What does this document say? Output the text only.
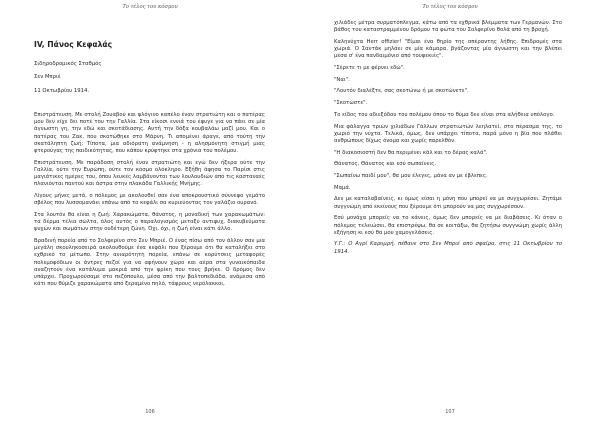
Το τέλος του κόσμου
IV, Πάνος Κεφαλάς

Σιδηροδρομικός Σταθμός

Σεν Μπριέ

11 Οκτωβρίου 1914.

Επιστράτευση. Με στολή Ζουαβού και φλόγινο καπέλο έναν στρατιώτη και ο πατέρας μου δεν είχε δει ποτέ του την Γαλλία. Στα είκοσι εννιά του έφυγε για να πάει σε μία άγνωστη γη, την εδώ και σκοτάδιασης. Αυτή την δόξα κουβαλάω μαζί μου. Και ο πατέρας του Ζακ, που σκοτώθηκε στο Μάρνη. Τι απομένει άραγε, από τούτη την σκατάληπτη ζωή; Τίποτα, μια αδιόρατη ανάμνηση - η αλησμόνητη στιγμή μιας φτερούγας της παιδικότητας, που κάπου κρύφτηκε στα χρόνια του πολέμου.

Επιστράτευση. Με παράδοση στολή έναν στρατιώτη και εγώ δεν ήξερα ούτε την Γαλλία, ούτε την Ευρώπη, ούτε τον κόσμο ολόκληρο. Εξήθη άφησα το Παρίσι στις μαγιάτικες ημέρες του, όπου λευκές λαμβάνονται των λουλουδιών από τις κασταναές πλανιόνται παντού και άστρα στην πλακάδα Γαλλικής Μνήμης.

Λίγους μήνες μετά, ο πόλεμος με ακολουθεί σαν ένα αποκρουστικό σύννεφο γεμάτο σβέλος που λυσσομανάει επάνω από το κεφάλι σα κυριεύοντας τον γαλάζιο ουρανό.

Στα λουτόν θα είναι η ζωή: Χαρακώματα, θάνατος, η μοναδική των χαρακωμάτων: τα δέρμα τέλια σώλτα, όλος αυτός ο παραλογισμός μεταξύ αντιψυχ, διακυβεύματα ψυχών και σωμάτων στην ουδέτερη ζώνη. Όχι, όχι, η ζωή είναι κάτι άλλο.

Βραδινή πορεία από το Σολφερίνο στο Σεν Μπριέ. Ο ένας πίσω από τον άλλον σαν μια μεγάλη σκουληκοσειρά ακολουθούμε ένα κεφάλι που ξέρουμε ότι θα καταλήξει στο εχθρικό το μέτωπο. Στην ανιαρότητη πορεία, επάνω σε κορύτσεις μεταφορές πολεμοφόδιων οι άντρες πεζοί για να αφήνουν χώρο και αέρα στα γυναικόπαιδα αναζητούν ένα κατάλυμα μακριά από την φρίκη που τους βρήκε. Ο δρόμος δεν υπάρχει. Προχωρούσαμε στο πεζόπουλο, μέσα από την βαλτοπεδιάδα, ανάμεσα από κάτι που θύμιζε χαρακώματα από ξεραμένο πηλό, τάφρους νερόλακκοι,

106
Το τέλος του κόσμου

χιλιάδες μέτρα συρματόπλεγμα, κάτω από τα εχθρικά βλέμματα των Γερμανών. Στο βάθος του καταστραμμένου δρόμου τα φώτα του Σολφερίνο θολά από τη βροχή.

Καληνύχτα Herr offizier! "Είμαι ένα θηρίο της απέραντης λήθης. Επιδρομές στα χωριά. Ο Σαντάκ μηλάει σε μία κάμαρα, βγάζοντας μία άγνωστη και την βλέπει μέσα σ' ένα πανδαιμόνιο από τουφεκιές".

"Σέρετε τι με φέρνει εδώ".

"Ναι".

"Λουτόν διαλέξτε, σας σκοτώνω ή με σκοτώνετε".

"Σκοτώστε".

Το είδος του αδιεξόδου του πολέμου όπου το θύμα δεν είναι στα αλήθεια υπόλογο.

Μια φάλαγγα τριών χιλιάδων Γάλλων στρατιωτών λεηλατεί, στο πέρασμα της, το χωριό την νύχτα. Τελικά, όμως, δεν υπάρχει τίποτα, παρά μόνο η βία που πλάθει ανθρώπους δίχως όνομα και χωρίς παρελθόν.

"Η διακοσιοστή δεν θα περιμένει κάλ και το δέρας καλά".

Θάνατος, Θάνατος και εσύ σωπαίνεις.

"Σωπαίνω παιδί μου", θα μου έλεγες, μάνα αν με έβλεπες.

Μαμά.

Δεν με καταλαβαίνεις, κι όμως είσαι η μόνη που μπορεί να με συγχωρέσει. Ζητάμε συγγνώμη από εκείνους που ξέρουμε ότι μπορούν να μας συγχωρέσουν.

Εσύ μονάχα μπορείς να το κάνεις, όμως δεν μπορείς να με διαβάσεις. Κι όταν ο πόλεμος τελειώσει, θα επιστρέψω, θα σε κοιτάξω, θα ζητήσω συγγνώμη χωρίς άλλη εξήγηση κι εσύ θα μου χαμογελάσεις.

Υ.Γ.: Ο Αγρί Καρυμρή, πέθανε στο Σεν Μπριέ από σφαίρα, στις 11 Οκτωβρίου το 1914.

107
